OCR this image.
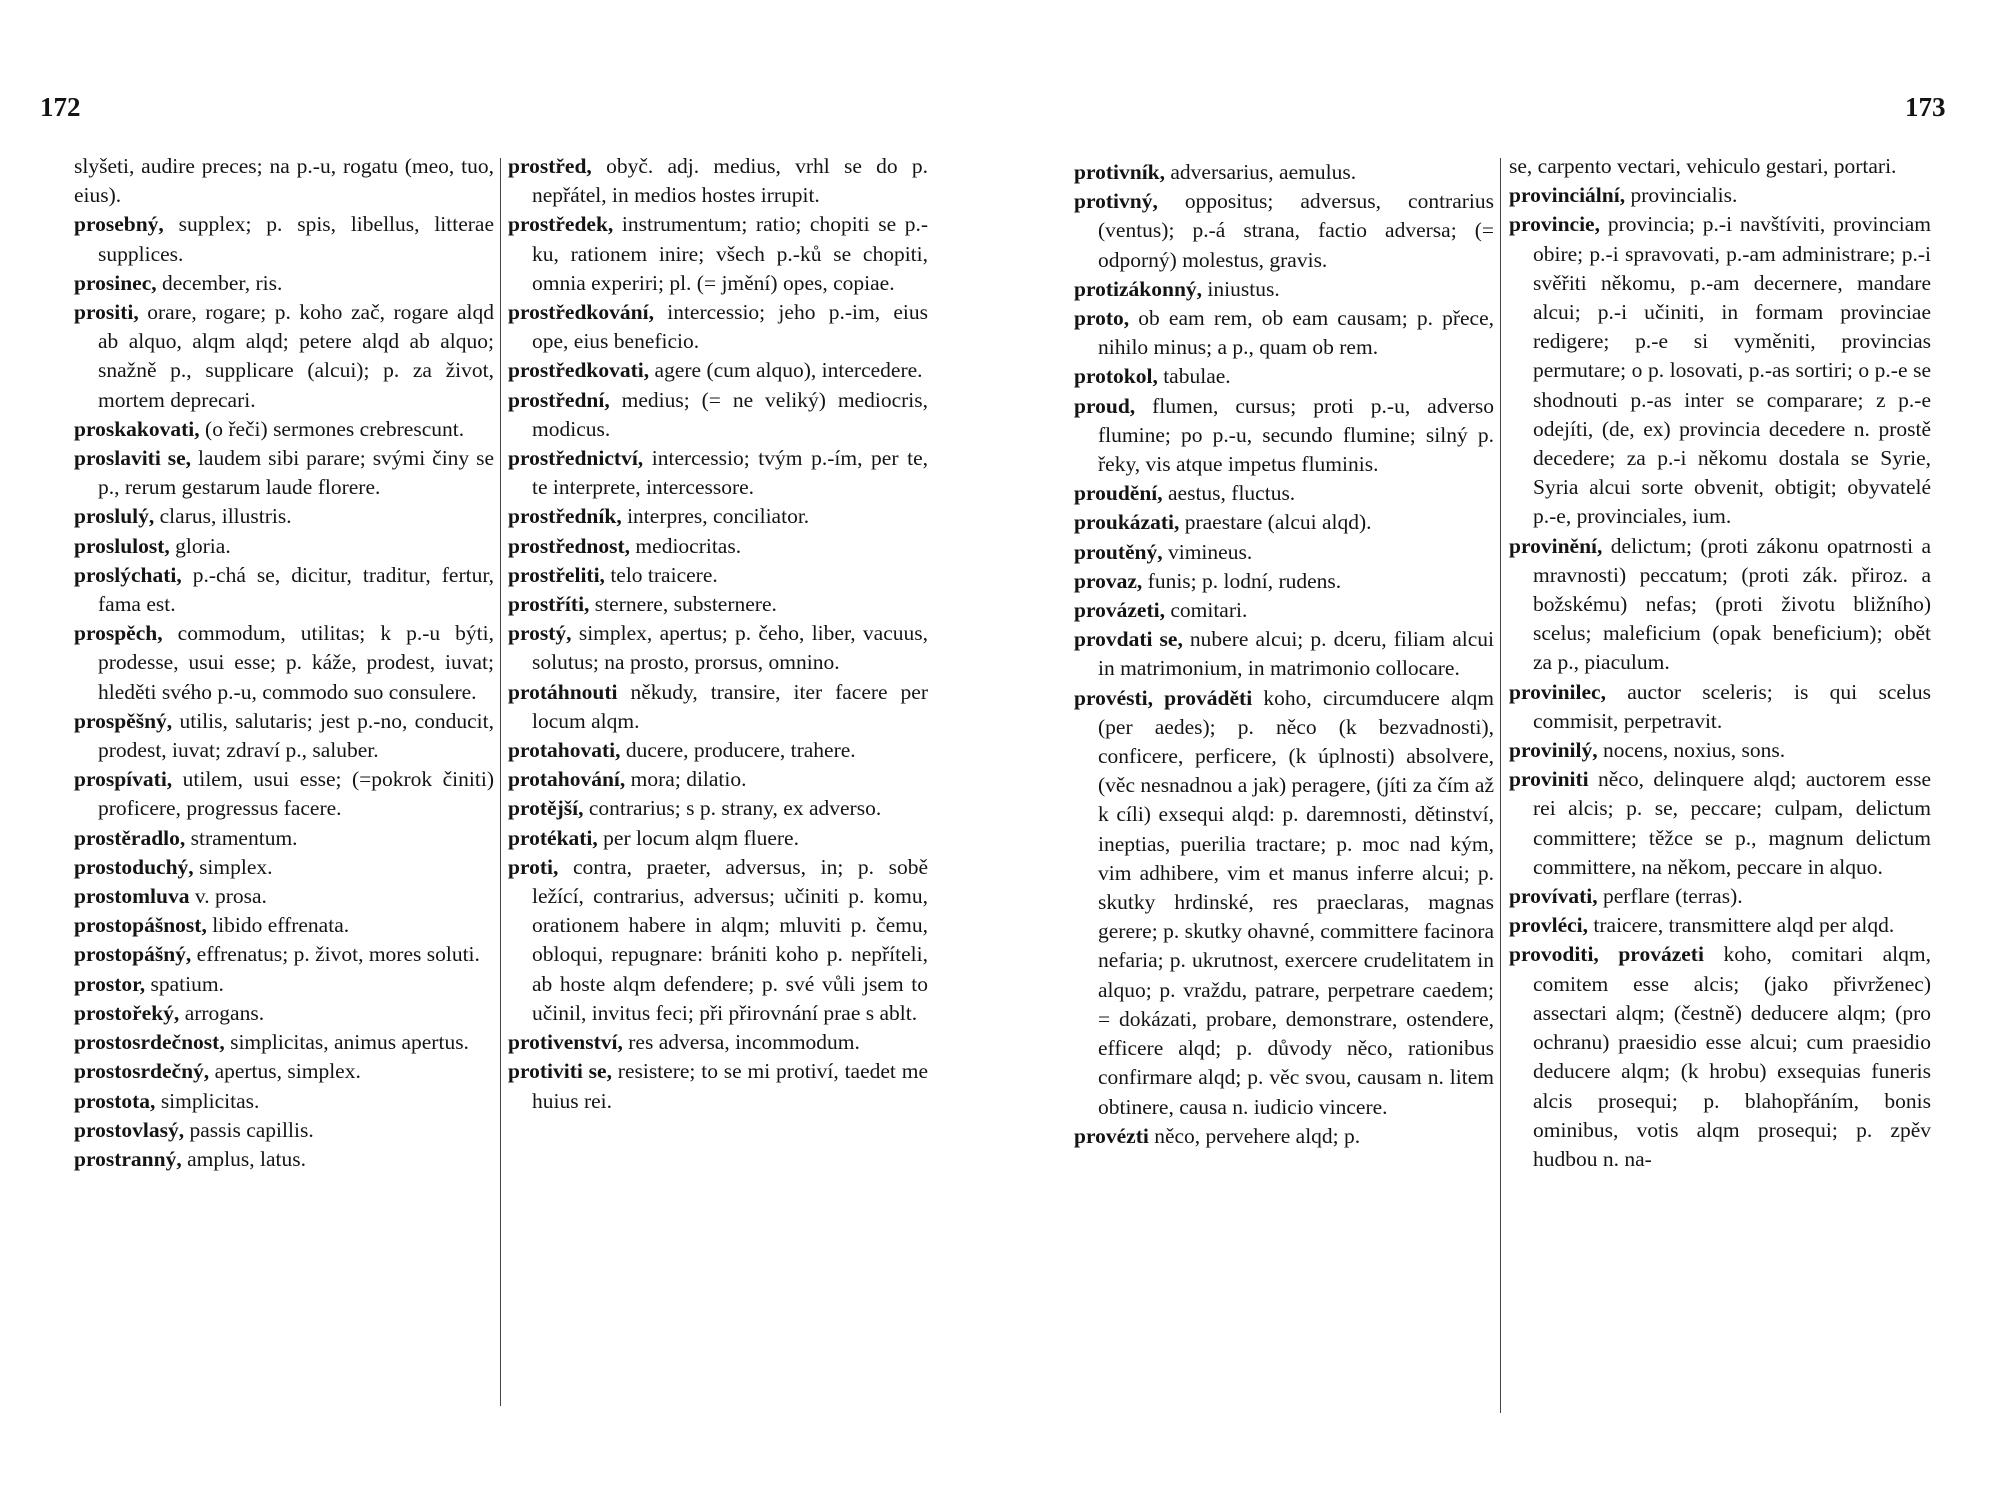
172	173

slyšeti, audire preces; na p.-u, rogatu (meo, tuo, eius).

prosebný, supplex; p. spis, libellus, litterae supplices.

prosinec, december, ris.

prositi, orare, rogare; p. koho zač, rogare alqd ab alquo, alqm alqd; petere alqd ab alquo; snažně p., supplicare (alcui); p. za život, mortem deprecari.

proskakovati, (o řeči) sermones crebrescunt.

proslaviti se, laudem sibi parare; svými činy se p., rerum gestarum laude florere.

proslulý, clarus, illustris.

proslulost, gloria.

proslýchati, p.-chá se, dicitur, traditur, fertur, fama est.

prospěch, commodum, utilitas; k p.-u býti, prodesse, usui esse; p. káže, prodest, iuvat; hleděti svého p.-u, commodo suo consulere.

prospěšný, utilis, salutaris; jest p.-no, conducit, prodest, iuvat; zdraví p., saluber.

prospívati, utilem, usui esse; (=pokrok činiti) proficere, progressus facere.

prostěradlo, stramentum.

prostoduchý, simplex.

prostomluva v. prosa.

prostopášnost, libido effrenata.

prostopášný, effrenatus; p. život, mores soluti.

prostor, spatium.

prostořeký, arrogans.

prostosrdečnost, simplicitas, animus apertus.

prostosrdečný, apertus, simplex.

prostota, simplicitas.

prostovlasý, passis capillis.

prostranný, amplus, latus.

prostřed, obyč. adj. medius, vrhl se do p. nepřátel, in medios hostes irrupit.

prostředek, instrumentum; ratio; chopiti se p.-ku, rationem inire; všech p.-ků se chopiti, omnia experiri; pl. (= jmění) opes, copiae.

prostředkování, intercessio; jeho p.-im, eius ope, eius beneficio.

prostředkovati, agere (cum alquo), intercedere.

prostřední, medius; (= ne veliký) mediocris, modicus.

prostřednictví, intercessio; tvým p.-ím, per te, te interprete, intercessore.

prostředník, interpres, conciliator.

prostřednost, mediocritas.

prostřeliti, telo traicere.

prostříti, sternere, substernere.

prostý, simplex, apertus; p. čeho, liber, vacuus, solutus; na prosto, prorsus, omnino.

protáhnouti někudy, transire, iter facere per locum alqm.

protahovati, ducere, producere, trahere.

protahování, mora; dilatio.

protější, contrarius; s p. strany, ex adverso.

protékati, per locum alqm fluere.

proti, contra, praeter, adversus, in; p. sobě ležící, contrarius, adversus; učiniti p. komu, orationem habere in alqm; mluviti p. čemu, obloqui, repugnare: brániti koho p. nepříteli, ab hoste alqm defendere; p. své vůli jsem to učinil, invitus feci; při přirovnání prae s ablt.

protivenství, res adversa, incommodum.

protiviti se, resistere; to se mi protiví, taedet me huius rei.

protivník, adversarius, aemulus.

protivný, oppositus; adversus, contrarius (ventus); p.-á strana, factio adversa; (= odporný) molestus, gravis.

protizákonný, iniustus.

proto, ob eam rem, ob eam causam; p. přece, nihilo minus; a p., quam ob rem.

protokol, tabulae.

proud, flumen, cursus; proti p.-u, adverso flumine; po p.-u, secundo flumine; silný p. řeky, vis atque impetus fluminis.

proudění, aestus, fluctus.

proukázati, praestare (alcui alqd).

proutěný, vimineus.

provaz, funis; p. lodní, rudens.

provázeti, comitari.

provdati se, nubere alcui; p. dceru, filiam alcui in matrimonium, in matrimonio collocare.

provésti, prováděti koho, circumducere alqm (per aedes); p. něco (k bezvadnosti), conficere, perficere, (k úplnosti) absolvere, (věc nesnadnou a jak) peragere, (jíti za čím až k cíli) exsequi alqd: p. daremnosti, dětinství, ineptias, puerilia tractare; p. moc nad kým, vim adhibere, vim et manus inferre alcui; p. skutky hrdinské, res praeclaras, magnas gerere; p. skutky ohavné, committere facinora nefaria; p. ukrutnost, exercere crudelitatem in alquo; p. vraždu, patrare, perpetrare caedem; = dokázati, probare, demonstrare, ostendere, efficere alqd; p. důvody něco, rationibus confirmare alqd; p. věc svou, causam n. litem obtinere, causa n. iudicio vincere.

provézti něco, pervehere alqd; p.

se, carpento vectari, vehiculo gestari, portari.

provinciální, provincialis.

provincie, provincia; p.-i navštíviti, provinciam obire; p.-i spravovati, p.-am administrare; p.-i svěřiti někomu, p.-am decernere, mandare alcui; p.-i učiniti, in formam provinciae redigere; p.-e si vyměniti, provincias permutare; o p. losovati, p.-as sortiri; o p.-e se shodnouti p.-as inter se comparare; z p.-e odejíti, (de, ex) provincia decedere n. prostě decedere; za p.-i někomu dostala se Syrie, Syria alcui sorte obvenit, obtigit; obyvatelé p.-e, provinciales, ium.

provinění, delictum; (proti zákonu opatrnosti a mravnosti) peccatum; (proti zák. přiroz. a božskému) nefas; (proti životu bližního) scelus; maleficium (opak beneficium); obět za p., piaculum.

provinilec, auctor sceleris; is qui scelus commisit, perpetravit.

provinilý, nocens, noxius, sons.

proviniti něco, delinquere alqd; auctorem esse rei alcis; p. se, peccare; culpam, delictum committere; těžce se p., magnum delictum committere, na někom, peccare in alquo.

provívati, perflare (terras).

provléci, traicere, transmittere alqd per alqd.

provoditi, provázeti koho, comitari alqm, comitem esse alcis; (jako přivrženec) assectari alqm; (čestně) deducere alqm; (pro ochranu) praesidio esse alcui; cum praesidio deducere alqm; (k hrobu) exsequias funeris alcis prosequi; p. blahopřáním, bonis ominibus, votis alqm prosequi; p. zpěv hudbou n. na-
